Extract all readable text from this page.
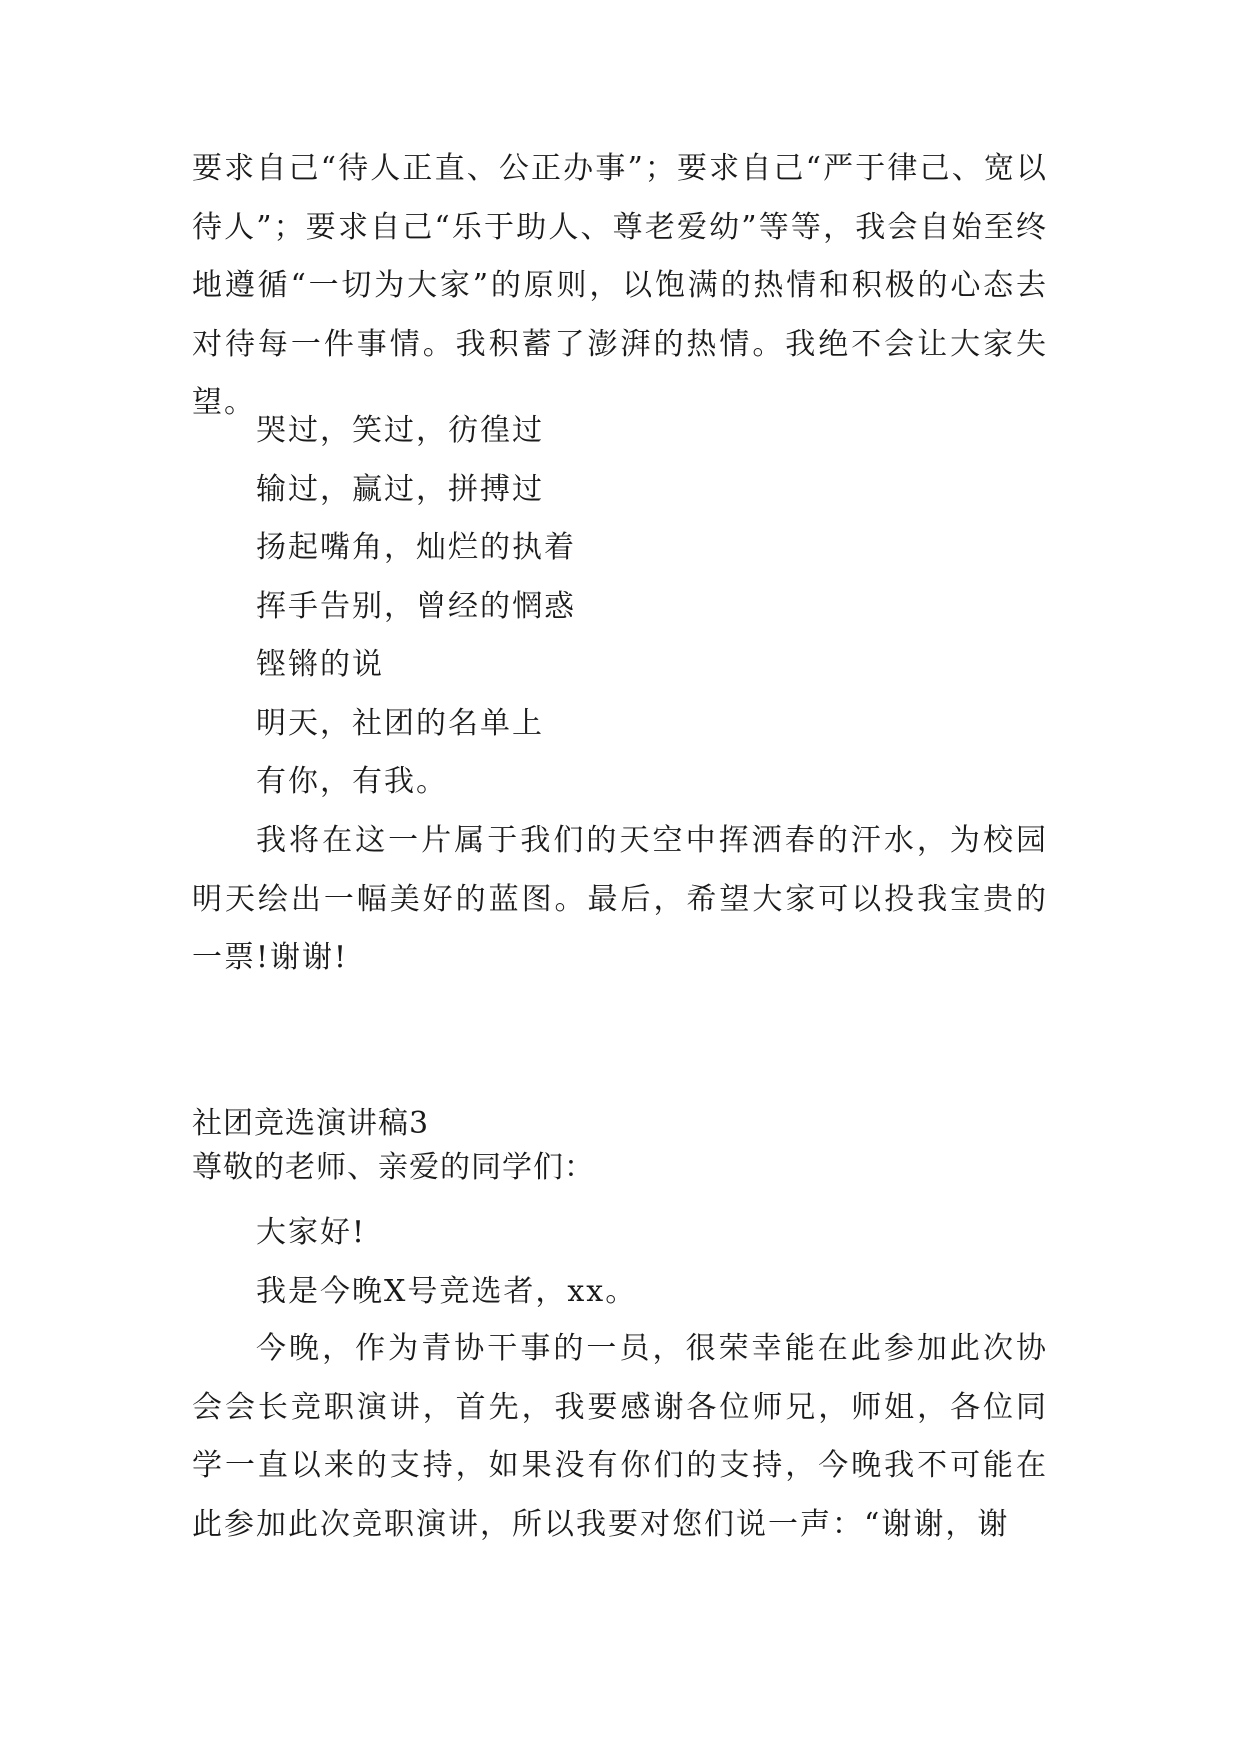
要求自己“待人正直、公正办事”；要求自己“严于律己、宽以待人”；要求自己“乐于助人、尊老爱幼”等等，我会自始至终地遵循“一切为大家”的原则，以饱满的热情和积极的心态去对待每一件事情。我积蓄了澎湃的热情。我绝不会让大家失望。

哭过，笑过，彷徨过

输过，赢过，拼搏过

扬起嘴角，灿烂的执着

挥手告别，曾经的惘惑

铿锵的说

明天，社团的名单上

有你，有我。

我将在这一片属于我们的天空中挥洒春的汗水，为校园明天绘出一幅美好的蓝图。最后，希望大家可以投我宝贵的一票!谢谢!

社团竞选演讲稿3

尊敬的老师、亲爱的同学们：

大家好!

我是今晚X号竞选者，xx。

今晚，作为青协干事的一员，很荣幸能在此参加此次协会会长竞职演讲，首先，我要感谢各位师兄，师姐，各位同学一直以来的支持，如果没有你们的支持，今晚我不可能在此参加此次竞职演讲，所以我要对您们说一声：“谢谢，谢
